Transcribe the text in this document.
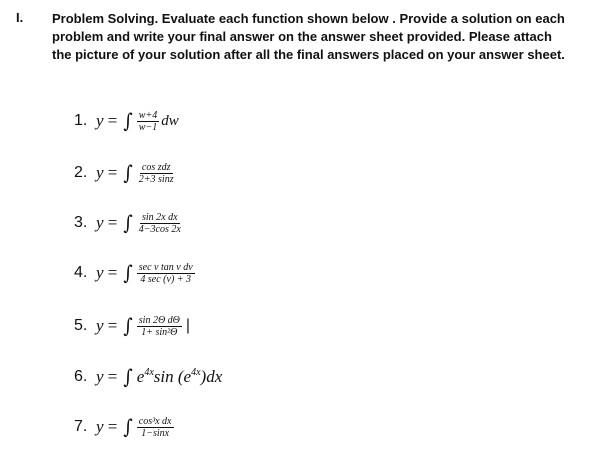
I. Problem Solving. Evaluate each function shown below . Provide a solution on each problem and write your final answer on the answer sheet provided. Please attach the picture of your solution after all the final answers placed on your answer sheet.
1. y = ∫ $\frac{w+4}{w-1}$ dw
2. y = ∫ $\frac{\text{cos zdz}}{2+3 \sin z}$
3. y = ∫ $\frac{\text{sin 2x dx}}{4-3\cos 2x}$
4. y = ∫ $\frac{\text{sec v tan v dv}}{4 \sec (v) + 3}$
5. y = ∫ $\frac{\text{sin 2Θ dΘ}}{\text{1+ sin²Θ}}$ |
6. y = ∫ $e^{4x}\sin$ $(e^{4x})dx$
7. y = ∫ $\frac{\text{cos³x dx}}{1-\sin x}$
